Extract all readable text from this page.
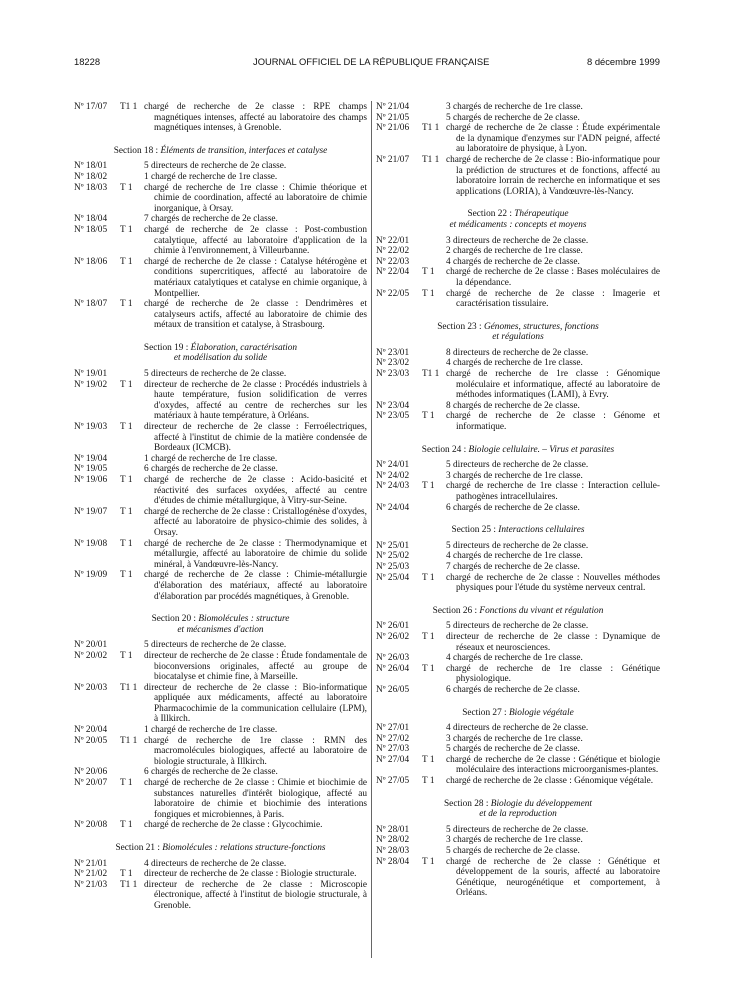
18228	JOURNAL OFFICIEL DE LA RÉPUBLIQUE FRANÇAISE	8 décembre 1999
Nº 17/07 T1 1 chargé de recherche de 2e classe : RPE champs magnétiques intenses, affecté au laboratoire des champs magnétiques intenses, à Grenoble.
Section 18 : Éléments de transition, interfaces et catalyse
Nº 18/01	5 directeurs de recherche de 2e classe.
Nº 18/02	1 chargé de recherche de 1re classe.
Nº 18/03 T 1 chargé de recherche de 1re classe : Chimie théorique et chimie de coordination, affecté au laboratoire de chimie inorganique, à Orsay.
Nº 18/04	7 chargés de recherche de 2e classe.
Nº 18/05 T 1 chargé de recherche de 2e classe : Post-combustion catalytique, affecté au laboratoire d'application de la chimie à l'environnement, à Villeurbanne.
Nº 18/06 T 1 chargé de recherche de 2e classe : Catalyse hétérogène et conditions supercritiques, affecté au laboratoire de matériaux catalytiques et catalyse en chimie organique, à Montpellier.
Nº 18/07 T 1 chargé de recherche de 2e classe : Dendrimères et catalyseurs actifs, affecté au laboratoire de chimie des métaux de transition et catalyse, à Strasbourg.
Section 19 : Élaboration, caractérisation
et modélisation du solide
Nº 19/01	5 directeurs de recherche de 2e classe.
Nº 19/02 T 1 directeur de recherche de 2e classe : Procédés industriels à haute température, fusion solidification de verres d'oxydes, affecté au centre de recherches sur les matériaux à haute température, à Orléans.
Nº 19/03 T 1 directeur de recherche de 2e classe : Ferroélectriques, affecté à l'institut de chimie de la matière condensée de Bordeaux (ICMCB).
Nº 19/04	1 chargé de recherche de 1re classe.
Nº 19/05	6 chargés de recherche de 2e classe.
Nº 19/06 T 1 chargé de recherche de 2e classe : Acido-basicité et réactivité des surfaces oxydées, affecté au centre d'études de chimie métallurgique, à Vitry-sur-Seine.
Nº 19/07 T 1 chargé de recherche de 2e classe : Cristallogénèse d'oxydes, affecté au laboratoire de physico-chimie des solides, à Orsay.
Nº 19/08 T 1 chargé de recherche de 2e classe : Thermodynamique et métallurgie, affecté au laboratoire de chimie du solide minéral, à Vandœuvre-lès-Nancy.
Nº 19/09 T 1 chargé de recherche de 2e classe : Chimie-métallurgie d'élaboration des matériaux, affecté au laboratoire d'élaboration par procédés magnétiques, à Grenoble.
Section 20 : Biomolécules : structure
et mécanismes d'action
Nº 20/01	5 directeurs de recherche de 2e classe.
Nº 20/02 T 1 directeur de recherche de 2e classe : Étude fondamentale de bioconversions originales, affecté au groupe de biocatalyse et chimie fine, à Marseille.
Nº 20/03 T1 1 directeur de recherche de 2e classe : Bio-informatique appliquée aux médicaments, affecté au laboratoire Pharmacochimie de la communication cellulaire (LPM), à Illkirch.
Nº 20/04	1 chargé de recherche de 1re classe.
Nº 20/05 T1 1 chargé de recherche de 1re classe : RMN des macromolécules biologiques, affecté au laboratoire de biologie structurale, à Illkirch.
Nº 20/06	6 chargés de recherche de 2e classe.
Nº 20/07 T 1 chargé de recherche de 2e classe : Chimie et biochimie de substances naturelles d'intérêt biologique, affecté au laboratoire de chimie et biochimie des interations fongiques et microbiennes, à Paris.
Nº 20/08 T 1 chargé de recherche de 2e classe : Glycochimie.
Section 21 : Biomolécules : relations structure-fonctions
Nº 21/01	4 directeurs de recherche de 2e classe.
Nº 21/02 T 1 directeur de recherche de 2e classe : Biologie structurale.
Nº 21/03 T1 1 directeur de recherche de 2e classe : Microscopie électronique, affecté à l'institut de biologie structurale, à Grenoble.
Nº 21/04	3 chargés de recherche de 1re classe.
Nº 21/05	5 chargés de recherche de 2e classe.
Nº 21/06 T1 1 chargé de recherche de 2e classe : Étude expérimentale de la dynamique d'enzymes sur l'ADN peigné, affecté au laboratoire de physique, à Lyon.
Nº 21/07 T1 1 chargé de recherche de 2e classe : Bio-informatique pour la prédiction de structures et de fonctions, affecté au laboratoire lorrain de recherche en informatique et ses applications (LORIA), à Vandœuvre-lès-Nancy.
Section 22 : Thérapeutique
et médicaments : concepts et moyens
Nº 22/01	3 directeurs de recherche de 2e classe.
Nº 22/02	2 chargés de recherche de 1re classe.
Nº 22/03	4 chargés de recherche de 2e classe.
Nº 22/04 T 1 chargé de recherche de 2e classe : Bases moléculaires de la dépendance.
Nº 22/05 T 1 chargé de recherche de 2e classe : Imagerie et caractérisation tissulaire.
Section 23 : Génomes, structures, fonctions
et régulations
Nº 23/01	8 directeurs de recherche de 2e classe.
Nº 23/02	4 chargés de recherche de 1re classe.
Nº 23/03 T1 1 chargé de recherche de 1re classe : Génomique moléculaire et informatique, affecté au laboratoire de méthodes informatiques (LAMI), à Evry.
Nº 23/04	8 chargés de recherche de 2e classe.
Nº 23/05 T 1 chargé de recherche de 2e classe : Génome et informatique.
Section 24 : Biologie cellulaire. – Virus et parasites
Nº 24/01	5 directeurs de recherche de 2e classe.
Nº 24/02	3 chargés de recherche de 1re classe.
Nº 24/03 T 1 chargé de recherche de 1re classe : Interaction cellule-pathogènes intracellulaires.
Nº 24/04	6 chargés de recherche de 2e classe.
Section 25 : Interactions cellulaires
Nº 25/01	5 directeurs de recherche de 2e classe.
Nº 25/02	4 chargés de recherche de 1re classe.
Nº 25/03	7 chargés de recherche de 2e classe.
Nº 25/04 T 1 chargé de recherche de 2e classe : Nouvelles méthodes physiques pour l'étude du système nerveux central.
Section 26 : Fonctions du vivant et régulation
Nº 26/01	5 directeurs de recherche de 2e classe.
Nº 26/02 T 1 directeur de recherche de 2e classe : Dynamique de réseaux et neurosciences.
Nº 26/03	4 chargés de recherche de 1re classe.
Nº 26/04 T 1 chargé de recherche de 1re classe : Génétique physiologique.
Nº 26/05	6 chargés de recherche de 2e classe.
Section 27 : Biologie végétale
Nº 27/01	4 directeurs de recherche de 2e classe.
Nº 27/02	3 chargés de recherche de 1re classe.
Nº 27/03	5 chargés de recherche de 2e classe.
Nº 27/04 T 1 chargé de recherche de 2e classe : Génétique et biologie moléculaire des interactions microorganismes-plantes.
Nº 27/05 T 1 chargé de recherche de 2e classe : Génomique végétale.
Section 28 : Biologie du développement
et de la reproduction
Nº 28/01	5 directeurs de recherche de 2e classe.
Nº 28/02	3 chargés de recherche de 1re classe.
Nº 28/03	5 chargés de recherche de 2e classe.
Nº 28/04 T 1 chargé de recherche de 2e classe : Génétique et développement de la souris, affecté au laboratoire Génétique, neurogénétique et comportement, à Orléans.
